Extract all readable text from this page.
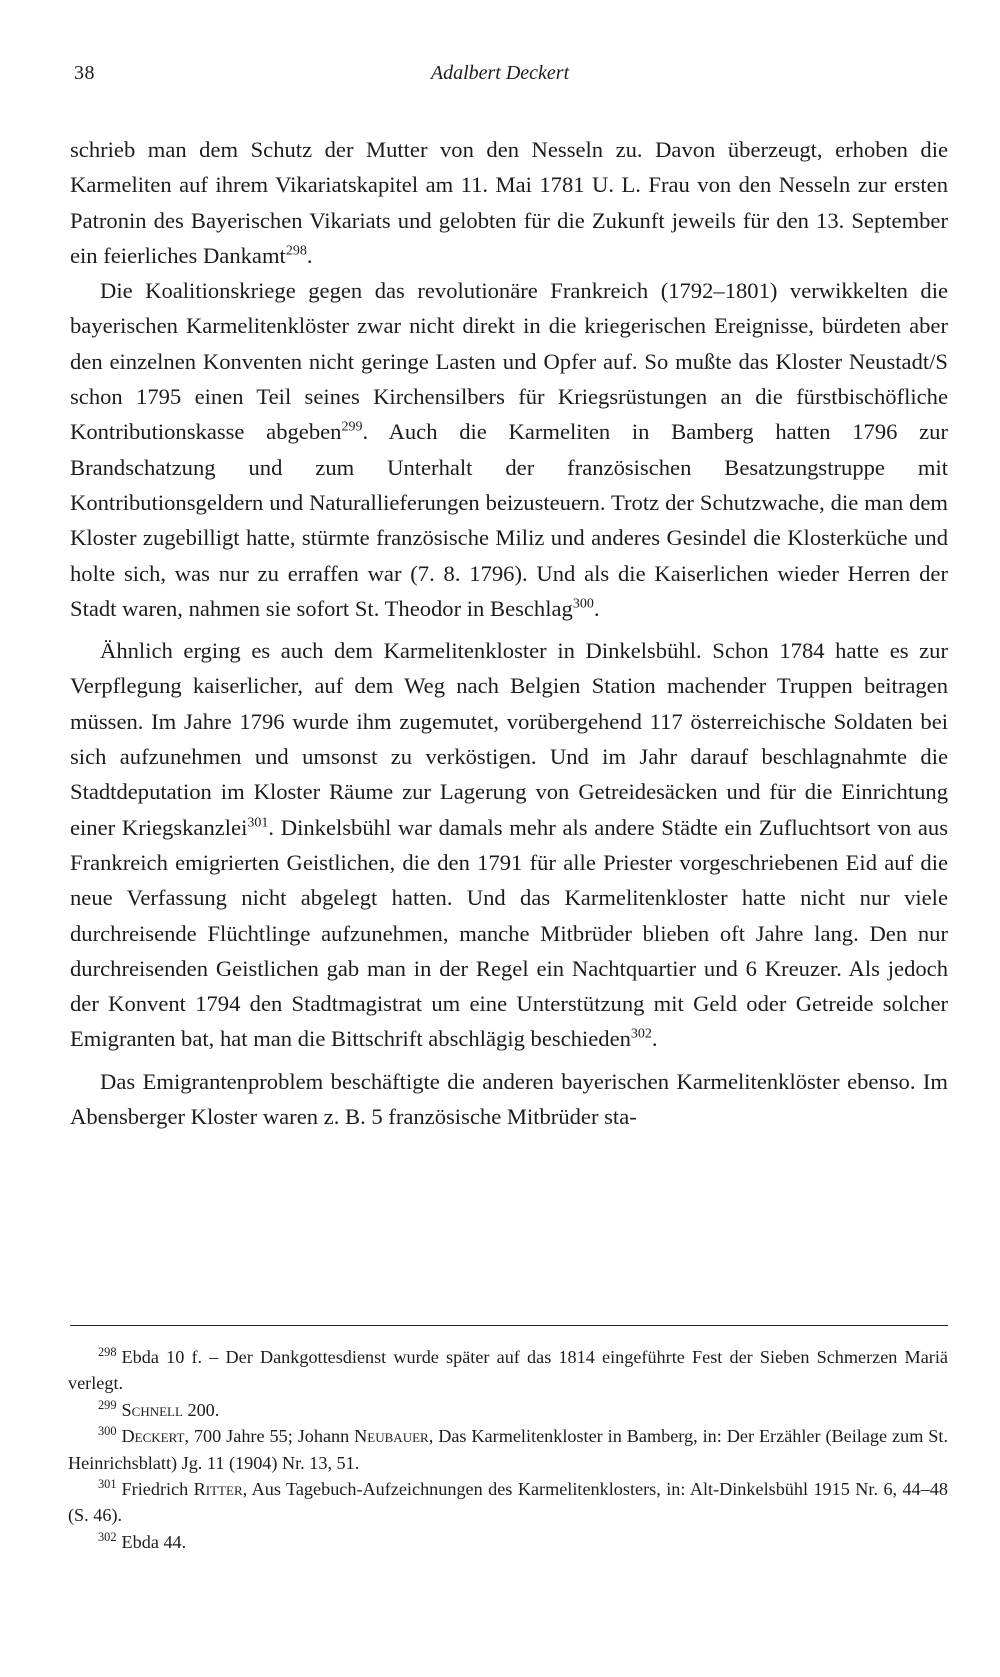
38	Adalbert Deckert

schrieb man dem Schutz der Mutter von den Nesseln zu. Davon überzeugt, erhoben die Karmeliten auf ihrem Vikariatskapitel am 11. Mai 1781 U. L. Frau von den Nesseln zur ersten Patronin des Bayerischen Vikariats und gelobten für die Zukunft jeweils für den 13. September ein feierliches Dankamt$^{298}$.

Die Koalitionskriege gegen das revolutionäre Frankreich (1792–1801) verwikkelten die bayerischen Karmelitenklöster zwar nicht direkt in die kriegerischen Ereignisse, bürdeten aber den einzelnen Konventen nicht geringe Lasten und Opfer auf. So mußte das Kloster Neustadt/S schon 1795 einen Teil seines Kirchensilbers für Kriegsrüstungen an die fürstbischöfliche Kontributionskasse abgeben$^{299}$. Auch die Karmeliten in Bamberg hatten 1796 zur Brandschatzung und zum Unterhalt der französischen Besatzungstruppe mit Kontributionsgeldern und Naturallieferungen beizusteuern. Trotz der Schutzwache, die man dem Kloster zugebilligt hatte, stürmte französische Miliz und anderes Gesindel die Klosterküche und holte sich, was nur zu erraffen war (7. 8. 1796). Und als die Kaiserlichen wieder Herren der Stadt waren, nahmen sie sofort St. Theodor in Beschlag$^{300}$.

Ähnlich erging es auch dem Karmelitenkloster in Dinkelsbühl. Schon 1784 hatte es zur Verpflegung kaiserlicher, auf dem Weg nach Belgien Station machender Truppen beitragen müssen. Im Jahre 1796 wurde ihm zugemutet, vorübergehend 117 österreichische Soldaten bei sich aufzunehmen und umsonst zu verköstigen. Und im Jahr darauf beschlagnahmte die Stadtdeputation im Kloster Räume zur Lagerung von Getreidesäcken und für die Einrichtung einer Kriegskanzlei$^{301}$. Dinkelsbühl war damals mehr als andere Städte ein Zufluchtsort von aus Frankreich emigrierten Geistlichen, die den 1791 für alle Priester vorgeschriebenen Eid auf die neue Verfassung nicht abgelegt hatten. Und das Karmelitenkloster hatte nicht nur viele durchreisende Flüchtlinge aufzunehmen, manche Mitbrüder blieben oft Jahre lang. Den nur durchreisenden Geistlichen gab man in der Regel ein Nachtquartier und 6 Kreuzer. Als jedoch der Konvent 1794 den Stadtmagistrat um eine Unterstützung mit Geld oder Getreide solcher Emigranten bat, hat man die Bittschrift abschlägig beschieden$^{302}$.

Das Emigrantenproblem beschäftigte die anderen bayerischen Karmelitenklöster ebenso. Im Abensberger Kloster waren z. B. 5 französische Mitbrüder sta-

$^{298}$ Ebda 10 f. – Der Dankgottesdienst wurde später auf das 1814 eingeführte Fest der Sieben Schmerzen Mariä verlegt.
$^{299}$ Schnell 200.
$^{300}$ Deckert, 700 Jahre 55; Johann Neubauer, Das Karmelitenkloster in Bamberg, in: Der Erzähler (Beilage zum St. Heinrichsblatt) Jg. 11 (1904) Nr. 13, 51.
$^{301}$ Friedrich Ritter, Aus Tagebuch-Aufzeichnungen des Karmelitenklosters, in: Alt-Dinkelsbühl 1915 Nr. 6, 44–48 (S. 46).
$^{302}$ Ebda 44.
